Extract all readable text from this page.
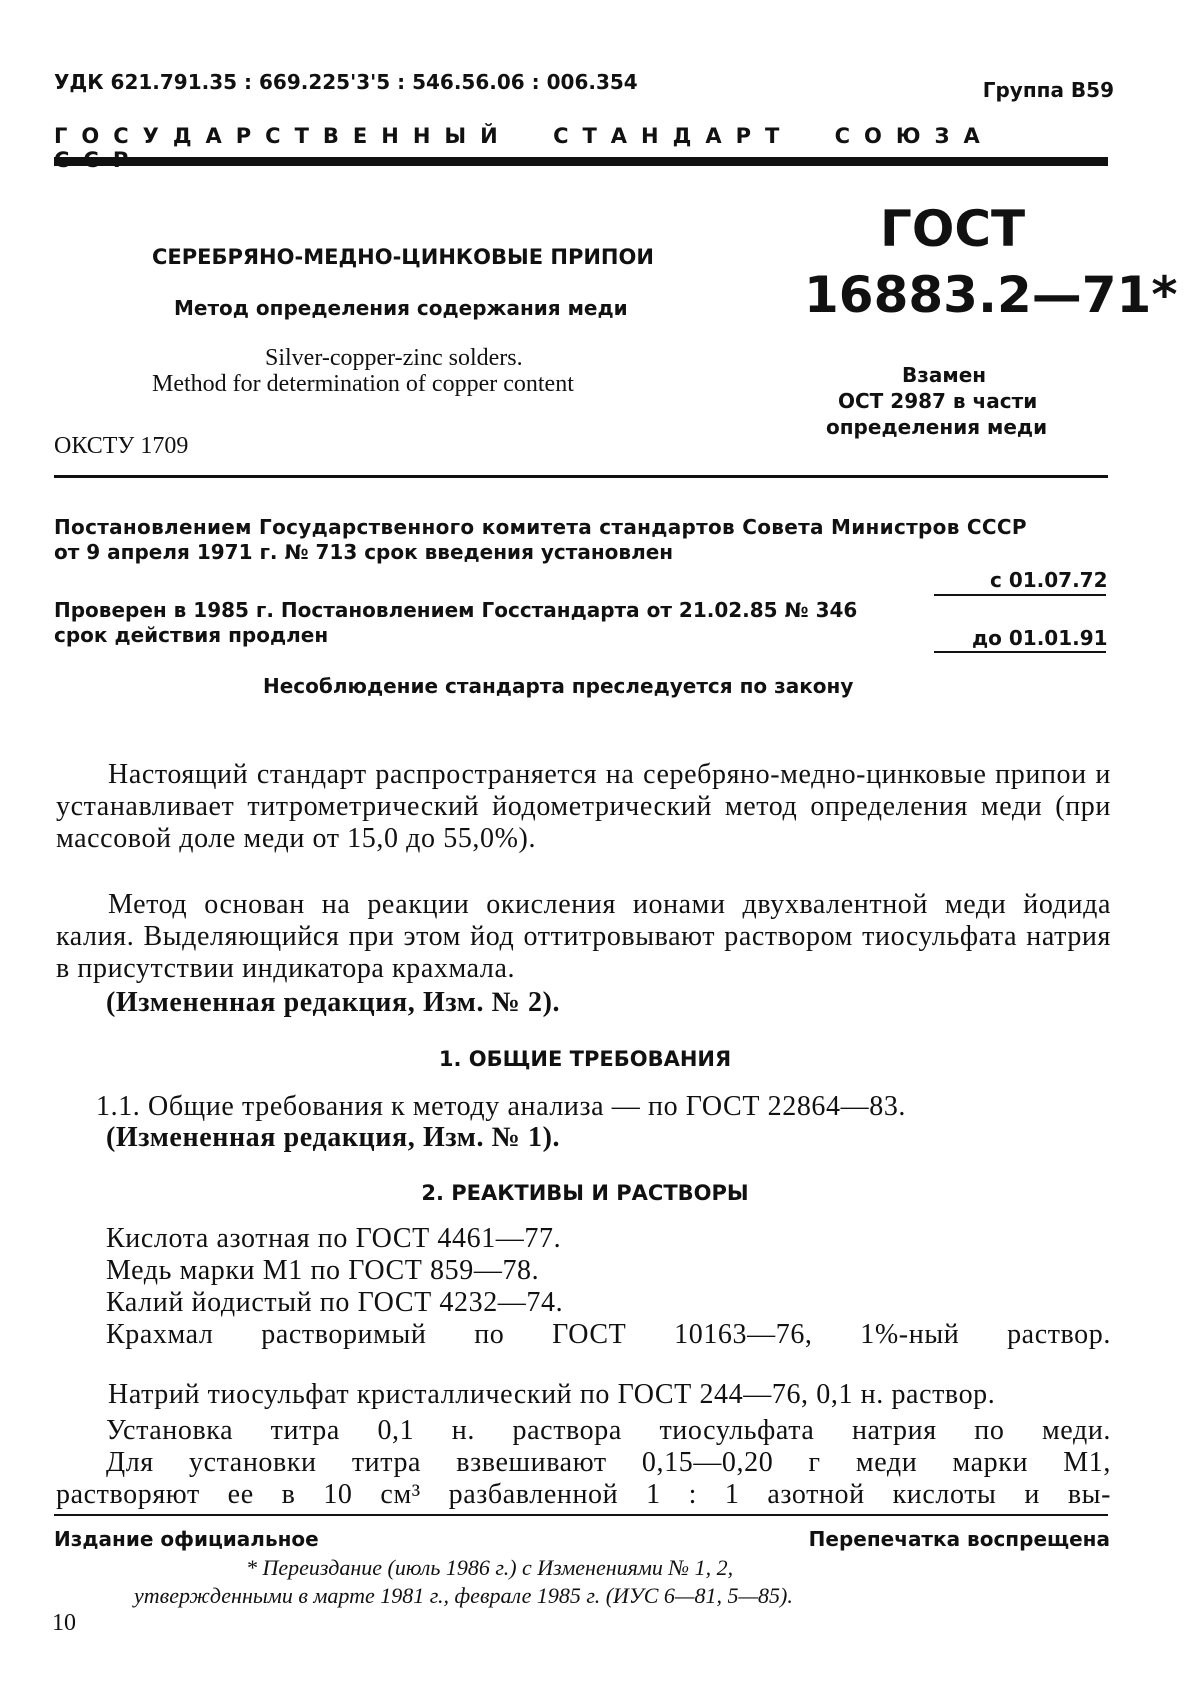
УДК 621.791.35 : 669.225'3'5 : 546.56.06 : 006.354	Группа В59
ГОСУДАРСТВЕННЫЙ СТАНДАРТ СОЮЗА
СЕРЕБРЯНО-МЕДНО-ЦИНКОВЫЕ ПРИПОИ
Метод определения содержания меди
Silver-copper-zinc solders.
Method for determination of copper content
ОКСТУ 1709
ГОСТ
16883.2—71*
Взамен
ОСТ 2987 в части
определения меди
Постановлением Государственного комитета стандартов Совета Министров СССР
от 9 апреля 1971 г. № 713 срок введения установлен
с 01.07.72
Проверен в 1985 г. Постановлением Госстандарта от 21.02.85 № 346
срок действия продлен	до 01.01.91
Несоблюдение стандарта преследуется по закону

Настоящий стандарт распространяется на серебряно-медно-цинковые припои и устанавливает титрометрический йодометрический метод определения меди (при массовой доле меди от 15,0 до 55,0%).

Метод основан на реакции окисления ионами двухвалентной меди йодида калия. Выделяющийся при этом йод оттитровывают раствором тиосульфата натрия в присутствии индикатора крахмала.

(Измененная редакция, Изм. № 2).
1. ОБЩИЕ ТРЕБОВАНИЯ
1.1. Общие требования к методу анализа — по ГОСТ 22864—83.
(Измененная редакция, Изм. № 1).
2. РЕАКТИВЫ И РАСТВОРЫ
Кислота азотная по ГОСТ 4461—77.
Медь марки М1 по ГОСТ 859—78.
Калий йодистый по ГОСТ 4232—74.
Крахмал растворимый по ГОСТ 10163—76, 1%-ный раствор.

Натрий тиосульфат кристаллический по ГОСТ 244—76, 0,1 н. раствор.

Установка титра 0,1 н. раствора тиосульфата натрия по меди.
Для установки титра взвешивают 0,15—0,20 г меди марки М1,
растворяют ее в 10 см³ разбавленной 1 : 1 азотной кислоты и вы-
Издание официальное	Перепечатка воспрещена
* Переиздание (июль 1986 г.) с Изменениями № 1, 2,
утвержденными в марте 1981 г., феврале 1985 г. (ИУС 6—81, 5—85).
10
